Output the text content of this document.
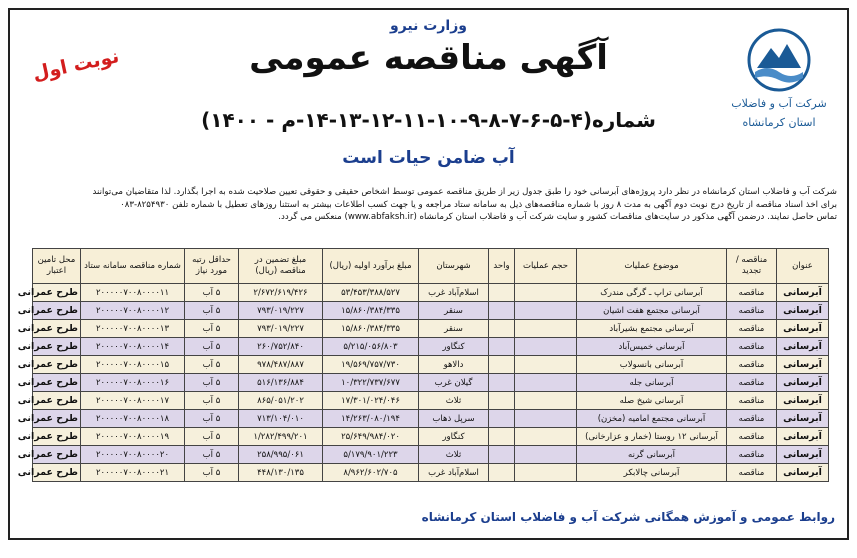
شرکت آب و فاضلاب
استان کرمانشاه
وزارت نیرو
آگهی مناقصه عمومی
نوبت اول
شماره(۴-۵-۶-۷-۸-۹-۱۰-۱۱-۱۲-۱۳-۱۴-م - ۱۴۰۰)
آب ضامن حیات است

شرکت آب و فاضلاب استان کرمانشاه در نظر دارد پروژه‌های آبرسانی خود را طبق جدول زیر از طریق مناقصه عمومی توسط اشخاص حقیقی و حقوقی تعیین صلاحیت شده به اجرا بگذارد. لذا متقاضیان می‌توانند

برای اخذ اسناد مناقصه از تاریخ درج نوبت دوم آگهی به مدت ۸ روز با شماره مناقصه‌های ذیل به سامانه ستاد مراجعه و یا جهت کسب اطلاعات بیشتر به استثنا روزهای تعطیل با شماره تلفن ۸۲۵۴۹۳۰-۰۸۳

تماس حاصل نمایند. درضمن آگهی مذکور در سایت‌های مناقصات کشور و سایت شرکت آب و فاضلاب استان کرمانشاه (www.abfaksh.ir) منعکس می گردد.

عنوان	مناقصه / تجدید	موضوع عملیات	حجم عملیات	واحد	شهرستان	مبلغ برآورد اولیه (ریال)	مبلغ تضمین در مناقصه (ریال)	حداقل رتبه مورد نیاز	شماره مناقصه سامانه ستاد	محل تامین اعتبار
آبرسانی	مناقصه	آبرسانی تراپ ـ گرگی مندرک			اسلام‌آباد غرب	۵۳/۴۵۳/۳۸۸/۵۲۷	۲/۶۷۲/۶۱۹/۴۲۶	۵ آب	۲۰۰۰۰۰۷۰۰۸۰۰۰۰۱۱	طرح عمرانی
آبرسانی	مناقصه	آبرسانی مجتمع هفت اشیان			سنقر	۱۵/۸۶۰/۳۸۴/۳۳۵	۷۹۳/۰۱۹/۲۲۷	۵ آب	۲۰۰۰۰۰۷۰۰۸۰۰۰۰۱۲	طرح عمرانی
آبرسانی	مناقصه	آبرسانی مجتمع بشیرآباد			سنقر	۱۵/۸۶۰/۳۸۴/۳۳۵	۷۹۳/۰۱۹/۲۲۷	۵ آب	۲۰۰۰۰۰۷۰۰۸۰۰۰۰۱۳	طرح عمرانی
آبرسانی	مناقصه	آبرسانی خمیس‌آباد			کنگاور	۵/۲۱۵/۰۵۶/۸۰۳	۲۶۰/۷۵۲/۸۴۰	۵ آب	۲۰۰۰۰۰۷۰۰۸۰۰۰۰۱۴	طرح عمرانی
آبرسانی	مناقصه	آبرسانی بانسولاب			دالاهو	۱۹/۵۶۹/۷۵۷/۷۳۰	۹۷۸/۴۸۷/۸۸۷	۵ آب	۲۰۰۰۰۰۷۰۰۸۰۰۰۰۱۵	طرح عمرانی
آبرسانی	مناقصه	آبرسانی جله			گیلان غرب	۱۰/۳۲۲/۷۳۷/۶۷۷	۵۱۶/۱۳۶/۸۸۴	۵ آب	۲۰۰۰۰۰۷۰۰۸۰۰۰۰۱۶	طرح عمرانی
آبرسانی	مناقصه	آبرسانی شیخ صله			ثلاث	۱۷/۳۰۱/۰۲۴/۰۴۶	۸۶۵/۰۵۱/۲۰۲	۵ آب	۲۰۰۰۰۰۷۰۰۸۰۰۰۰۱۷	طرح عمرانی
آبرسانی	مناقصه	آبرسانی مجتمع امامیه (مخزن)			سرپل ذهاب	۱۴/۲۶۳/۰۸۰/۱۹۴	۷۱۳/۱۰۴/۰۱۰	۵ آب	۲۰۰۰۰۰۷۰۰۸۰۰۰۰۱۸	طرح عمرانی
آبرسانی	مناقصه	آبرسانی ۱۲ روستا (خمار و عزارخانی)			کنگاور	۲۵/۶۴۹/۹۸۴/۰۲۰	۱/۲۸۲/۴۹۹/۲۰۱	۵ آب	۲۰۰۰۰۰۷۰۰۸۰۰۰۰۱۹	طرح عمرانی
آبرسانی	مناقصه	آبرسانی گرنه			ثلاث	۵/۱۷۹/۹۰۱/۲۲۳	۲۵۸/۹۹۵/۰۶۱	۵ آب	۲۰۰۰۰۰۷۰۰۸۰۰۰۰۲۰	طرح عمرانی
آبرسانی	مناقصه	آبرسانی چالابکر			اسلام‌آباد غرب	۸/۹۶۲/۶۰۲/۷۰۵	۴۴۸/۱۳۰/۱۳۵	۵ آب	۲۰۰۰۰۰۷۰۰۸۰۰۰۰۲۱	طرح عمرانی
روابط عمومی و آموزش همگانی شرکت آب و فاضلاب استان کرمانشاه
